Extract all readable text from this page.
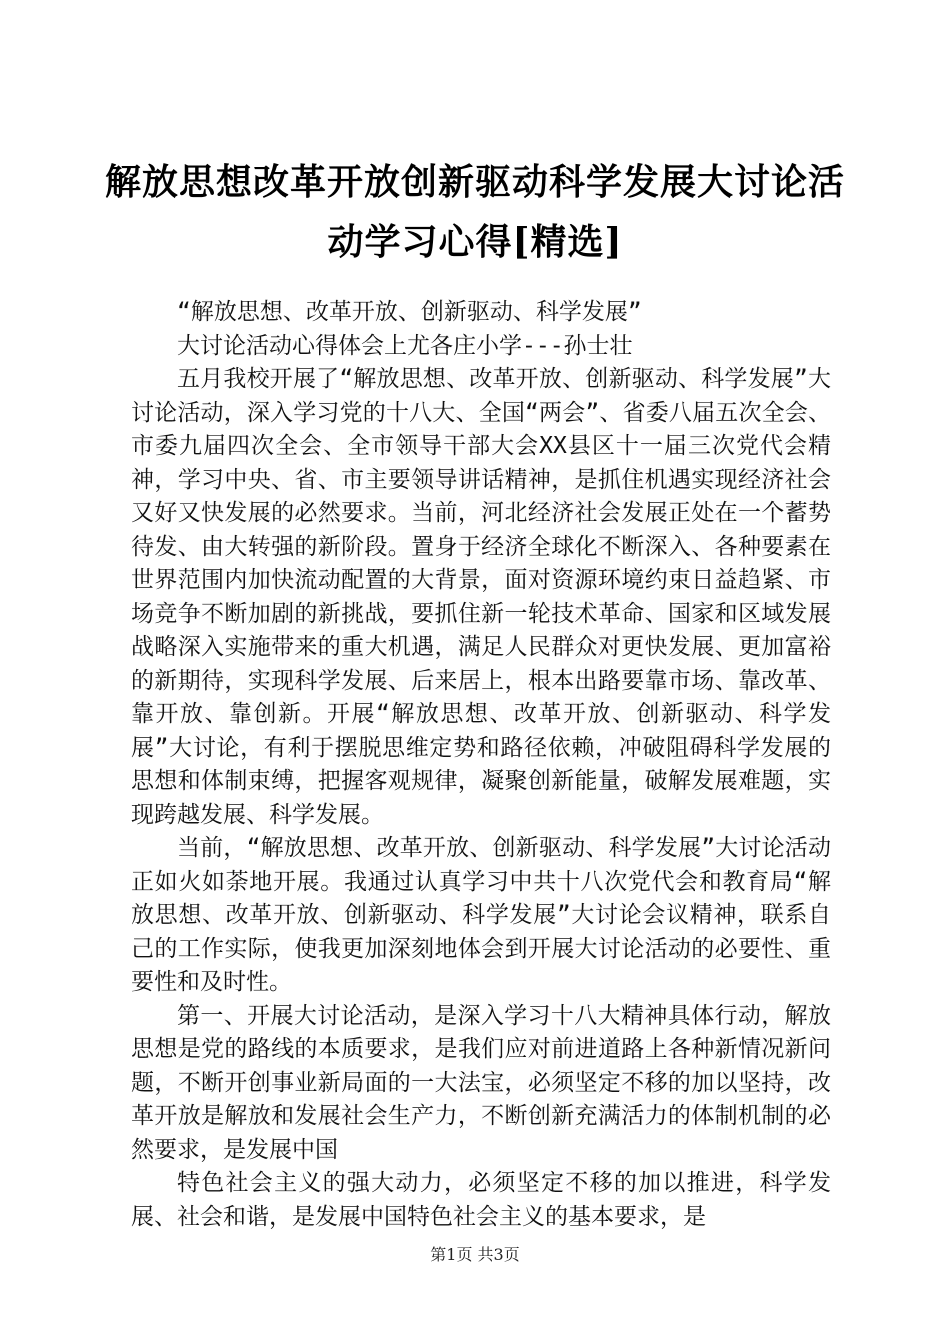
解放思想改革开放创新驱动科学发展大讨论活
动学习心得[精选]

“解放思想、改革开放、创新驱动、科学发展”

大讨论活动心得体会上尤各庄小学---孙士壮

五月我校开展了“解放思想、改革开放、创新驱动、科学发展”大讨论活动，深入学习党的十八大、全国“两会”、省委八届五次全会、市委九届四次全会、全市领导干部大会XX县区十一届三次党代会精神，学习中央、省、市主要领导讲话精神，是抓住机遇实现经济社会又好又快发展的必然要求。当前，河北经济社会发展正处在一个蓄势待发、由大转强的新阶段。置身于经济全球化不断深入、各种要素在世界范围内加快流动配置的大背景，面对资源环境约束日益趋紧、市场竞争不断加剧的新挑战，要抓住新一轮技术革命、国家和区域发展战略深入实施带来的重大机遇，满足人民群众对更快发展、更加富裕的新期待，实现科学发展、后来居上，根本出路要靠市场、靠改革、靠开放、靠创新。开展“解放思想、改革开放、创新驱动、科学发展”大讨论，有利于摆脱思维定势和路径依赖，冲破阻碍科学发展的思想和体制束缚，把握客观规律，凝聚创新能量，破解发展难题，实现跨越发展、科学发展。

当前，“解放思想、改革开放、创新驱动、科学发展”大讨论活动正如火如荼地开展。我通过认真学习中共十八次党代会和教育局“解放思想、改革开放、创新驱动、科学发展”大讨论会议精神，联系自己的工作实际，使我更加深刻地体会到开展大讨论活动的必要性、重要性和及时性。

第一、开展大讨论活动，是深入学习十八大精神具体行动，解放思想是党的路线的本质要求，是我们应对前进道路上各种新情况新问题，不断开创事业新局面的一大法宝，必须坚定不移的加以坚持，改革开放是解放和发展社会生产力，不断创新充满活力的体制机制的必然要求，是发展中国

特色社会主义的强大动力，必须坚定不移的加以推进，科学发展、社会和谐，是发展中国特色社会主义的基本要求，是

第1页 共3页
